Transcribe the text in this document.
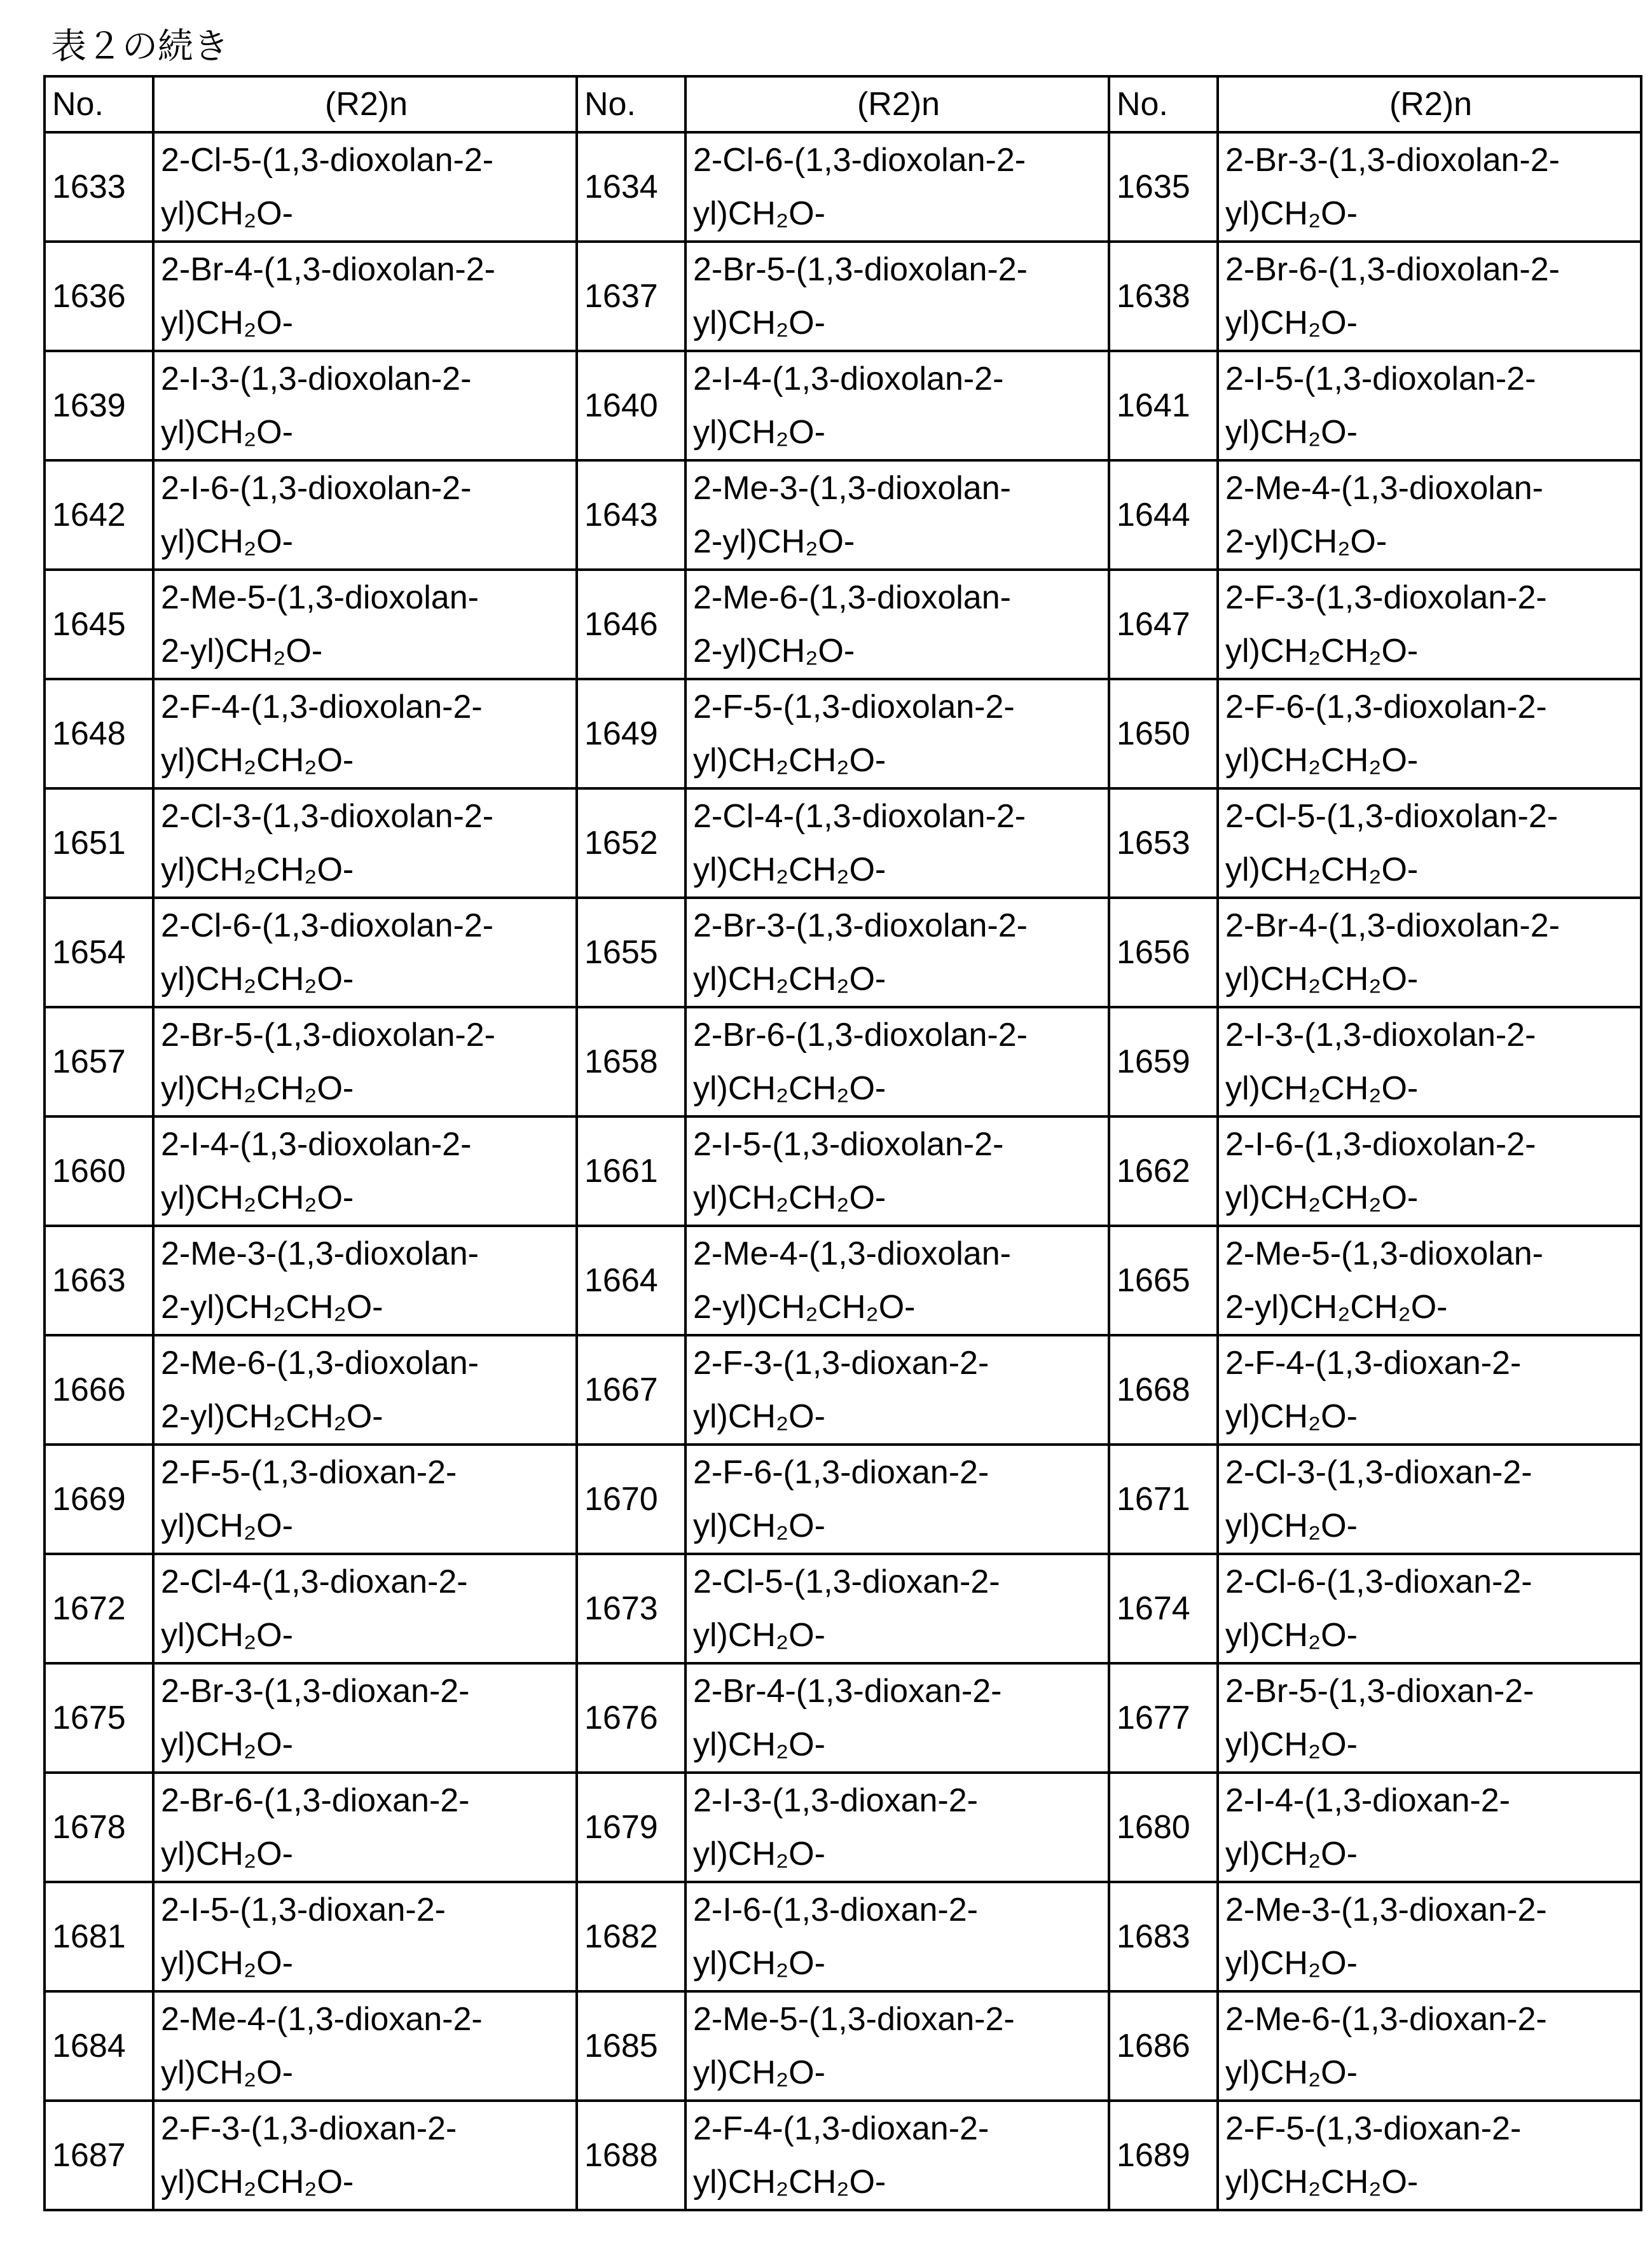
表２の続き
No.	(R2)n	No.	(R2)n	No.	(R2)n
1633	
2-Cl-5-(1,3-dioxolan-2-
yl)CH₂O-
	1634	
2-Cl-6-(1,3-dioxolan-2-
yl)CH₂O-
	1635	
2-Br-3-(1,3-dioxolan-2-
yl)CH₂O-

1636	
2-Br-4-(1,3-dioxolan-2-
yl)CH₂O-
	1637	
2-Br-5-(1,3-dioxolan-2-
yl)CH₂O-
	1638	
2-Br-6-(1,3-dioxolan-2-
yl)CH₂O-

1639	
2-I-3-(1,3-dioxolan-2-
yl)CH₂O-
	1640	
2-I-4-(1,3-dioxolan-2-
yl)CH₂O-
	1641	
2-I-5-(1,3-dioxolan-2-
yl)CH₂O-

1642	
2-I-6-(1,3-dioxolan-2-
yl)CH₂O-
	1643	
2-Me-3-(1,3-dioxolan-
2-yl)CH₂O-
	1644	
2-Me-4-(1,3-dioxolan-
2-yl)CH₂O-

1645	
2-Me-5-(1,3-dioxolan-
2-yl)CH₂O-
	1646	
2-Me-6-(1,3-dioxolan-
2-yl)CH₂O-
	1647	
2-F-3-(1,3-dioxolan-2-
yl)CH₂CH₂O-

1648	
2-F-4-(1,3-dioxolan-2-
yl)CH₂CH₂O-
	1649	
2-F-5-(1,3-dioxolan-2-
yl)CH₂CH₂O-
	1650	
2-F-6-(1,3-dioxolan-2-
yl)CH₂CH₂O-

1651	
2-Cl-3-(1,3-dioxolan-2-
yl)CH₂CH₂O-
	1652	
2-Cl-4-(1,3-dioxolan-2-
yl)CH₂CH₂O-
	1653	
2-Cl-5-(1,3-dioxolan-2-
yl)CH₂CH₂O-

1654	
2-Cl-6-(1,3-dioxolan-2-
yl)CH₂CH₂O-
	1655	
2-Br-3-(1,3-dioxolan-2-
yl)CH₂CH₂O-
	1656	
2-Br-4-(1,3-dioxolan-2-
yl)CH₂CH₂O-

1657	
2-Br-5-(1,3-dioxolan-2-
yl)CH₂CH₂O-
	1658	
2-Br-6-(1,3-dioxolan-2-
yl)CH₂CH₂O-
	1659	
2-I-3-(1,3-dioxolan-2-
yl)CH₂CH₂O-

1660	
2-I-4-(1,3-dioxolan-2-
yl)CH₂CH₂O-
	1661	
2-I-5-(1,3-dioxolan-2-
yl)CH₂CH₂O-
	1662	
2-I-6-(1,3-dioxolan-2-
yl)CH₂CH₂O-

1663	
2-Me-3-(1,3-dioxolan-
2-yl)CH₂CH₂O-
	1664	
2-Me-4-(1,3-dioxolan-
2-yl)CH₂CH₂O-
	1665	
2-Me-5-(1,3-dioxolan-
2-yl)CH₂CH₂O-

1666	
2-Me-6-(1,3-dioxolan-
2-yl)CH₂CH₂O-
	1667	
2-F-3-(1,3-dioxan-2-
yl)CH₂O-
	1668	
2-F-4-(1,3-dioxan-2-
yl)CH₂O-

1669	
2-F-5-(1,3-dioxan-2-
yl)CH₂O-
	1670	
2-F-6-(1,3-dioxan-2-
yl)CH₂O-
	1671	
2-Cl-3-(1,3-dioxan-2-
yl)CH₂O-

1672	
2-Cl-4-(1,3-dioxan-2-
yl)CH₂O-
	1673	
2-Cl-5-(1,3-dioxan-2-
yl)CH₂O-
	1674	
2-Cl-6-(1,3-dioxan-2-
yl)CH₂O-

1675	
2-Br-3-(1,3-dioxan-2-
yl)CH₂O-
	1676	
2-Br-4-(1,3-dioxan-2-
yl)CH₂O-
	1677	
2-Br-5-(1,3-dioxan-2-
yl)CH₂O-

1678	
2-Br-6-(1,3-dioxan-2-
yl)CH₂O-
	1679	
2-I-3-(1,3-dioxan-2-
yl)CH₂O-
	1680	
2-I-4-(1,3-dioxan-2-
yl)CH₂O-

1681	
2-I-5-(1,3-dioxan-2-
yl)CH₂O-
	1682	
2-I-6-(1,3-dioxan-2-
yl)CH₂O-
	1683	
2-Me-3-(1,3-dioxan-2-
yl)CH₂O-

1684	
2-Me-4-(1,3-dioxan-2-
yl)CH₂O-
	1685	
2-Me-5-(1,3-dioxan-2-
yl)CH₂O-
	1686	
2-Me-6-(1,3-dioxan-2-
yl)CH₂O-

1687	
2-F-3-(1,3-dioxan-2-
yl)CH₂CH₂O-
	1688	
2-F-4-(1,3-dioxan-2-
yl)CH₂CH₂O-
	1689	
2-F-5-(1,3-dioxan-2-
yl)CH₂CH₂O-
